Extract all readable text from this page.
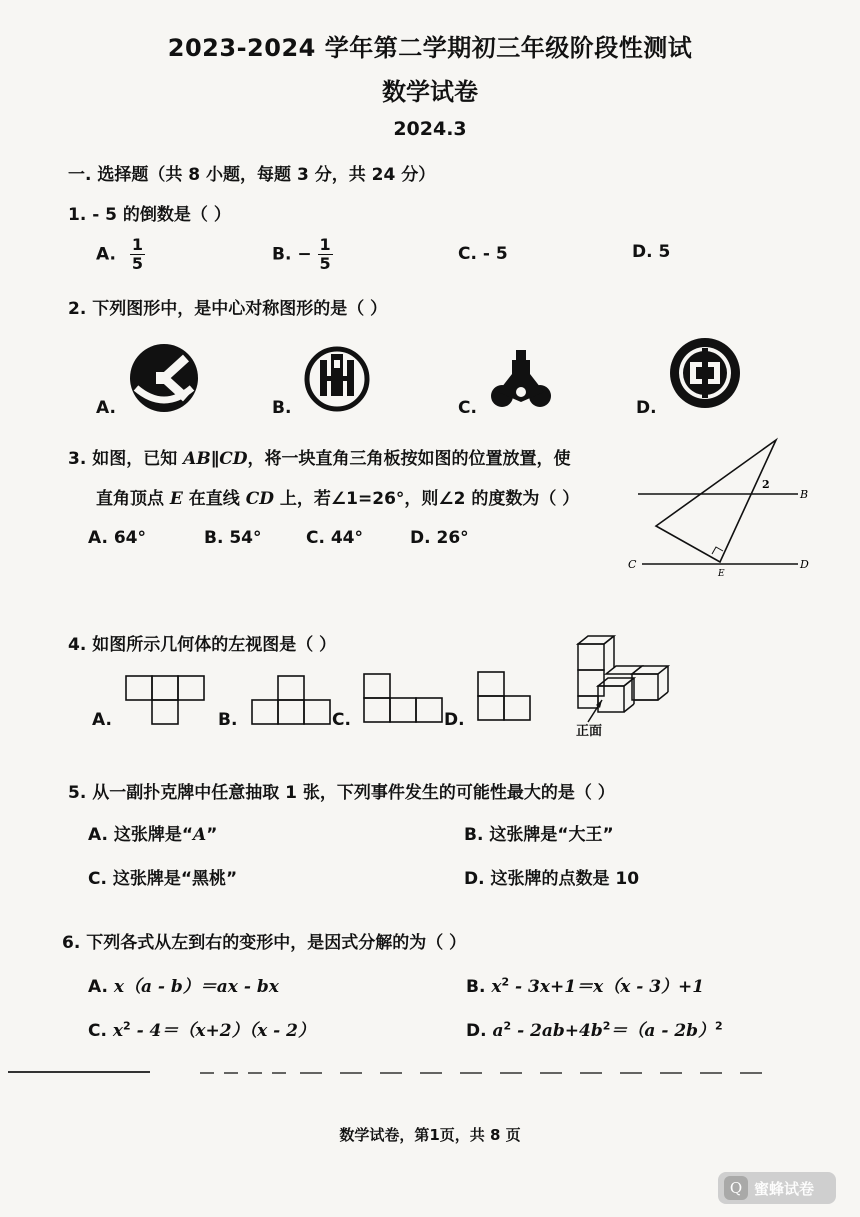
2023-2024 学年第二学期初三年级阶段性测试
数学试卷
2024.3
一. 选择题（共 8 小题，每题 3 分，共 24 分）
1. - 5 的倒数是（ ）
A. $\frac{1}{5}$	B. − $\frac{1}{5}$	C. - 5	D. 5
2. 下列图形中，是中心对称图形的是（ ）
A.	B.	C.	D.
3. 如图，已知 AB∥CD，将一块直角三角板按如图的位置放置，使
直角顶点 E 在直线 CD 上，若∠1=26°，则∠2 的度数为（ ）
A. 64°	B. 54°	C. 44°	D. 26°
2
B
C	D
E
4. 如图所示几何体的左视图是（ ）
A.	B.	C.	D.
正面
5. 从一副扑克牌中任意抽取 1 张，下列事件发生的可能性最大的是（ ）
A. 这张牌是“A”	B. 这张牌是“大王”
C. 这张牌是“黑桃”	D. 这张牌的点数是 10
6. 下列各式从左到右的变形中，是因式分解的为（ ）
A. x（a - b）＝ax - bx	B. $x^2 - 3x+1=x(x - 3)+1$
C. $x^2 - 4=(x+2)(x - 2)$	D. $a^2 - 2ab+4b^2=(a - 2b)^2$
数学试卷，第1页，共 8 页
Q 蜜蜂试卷
